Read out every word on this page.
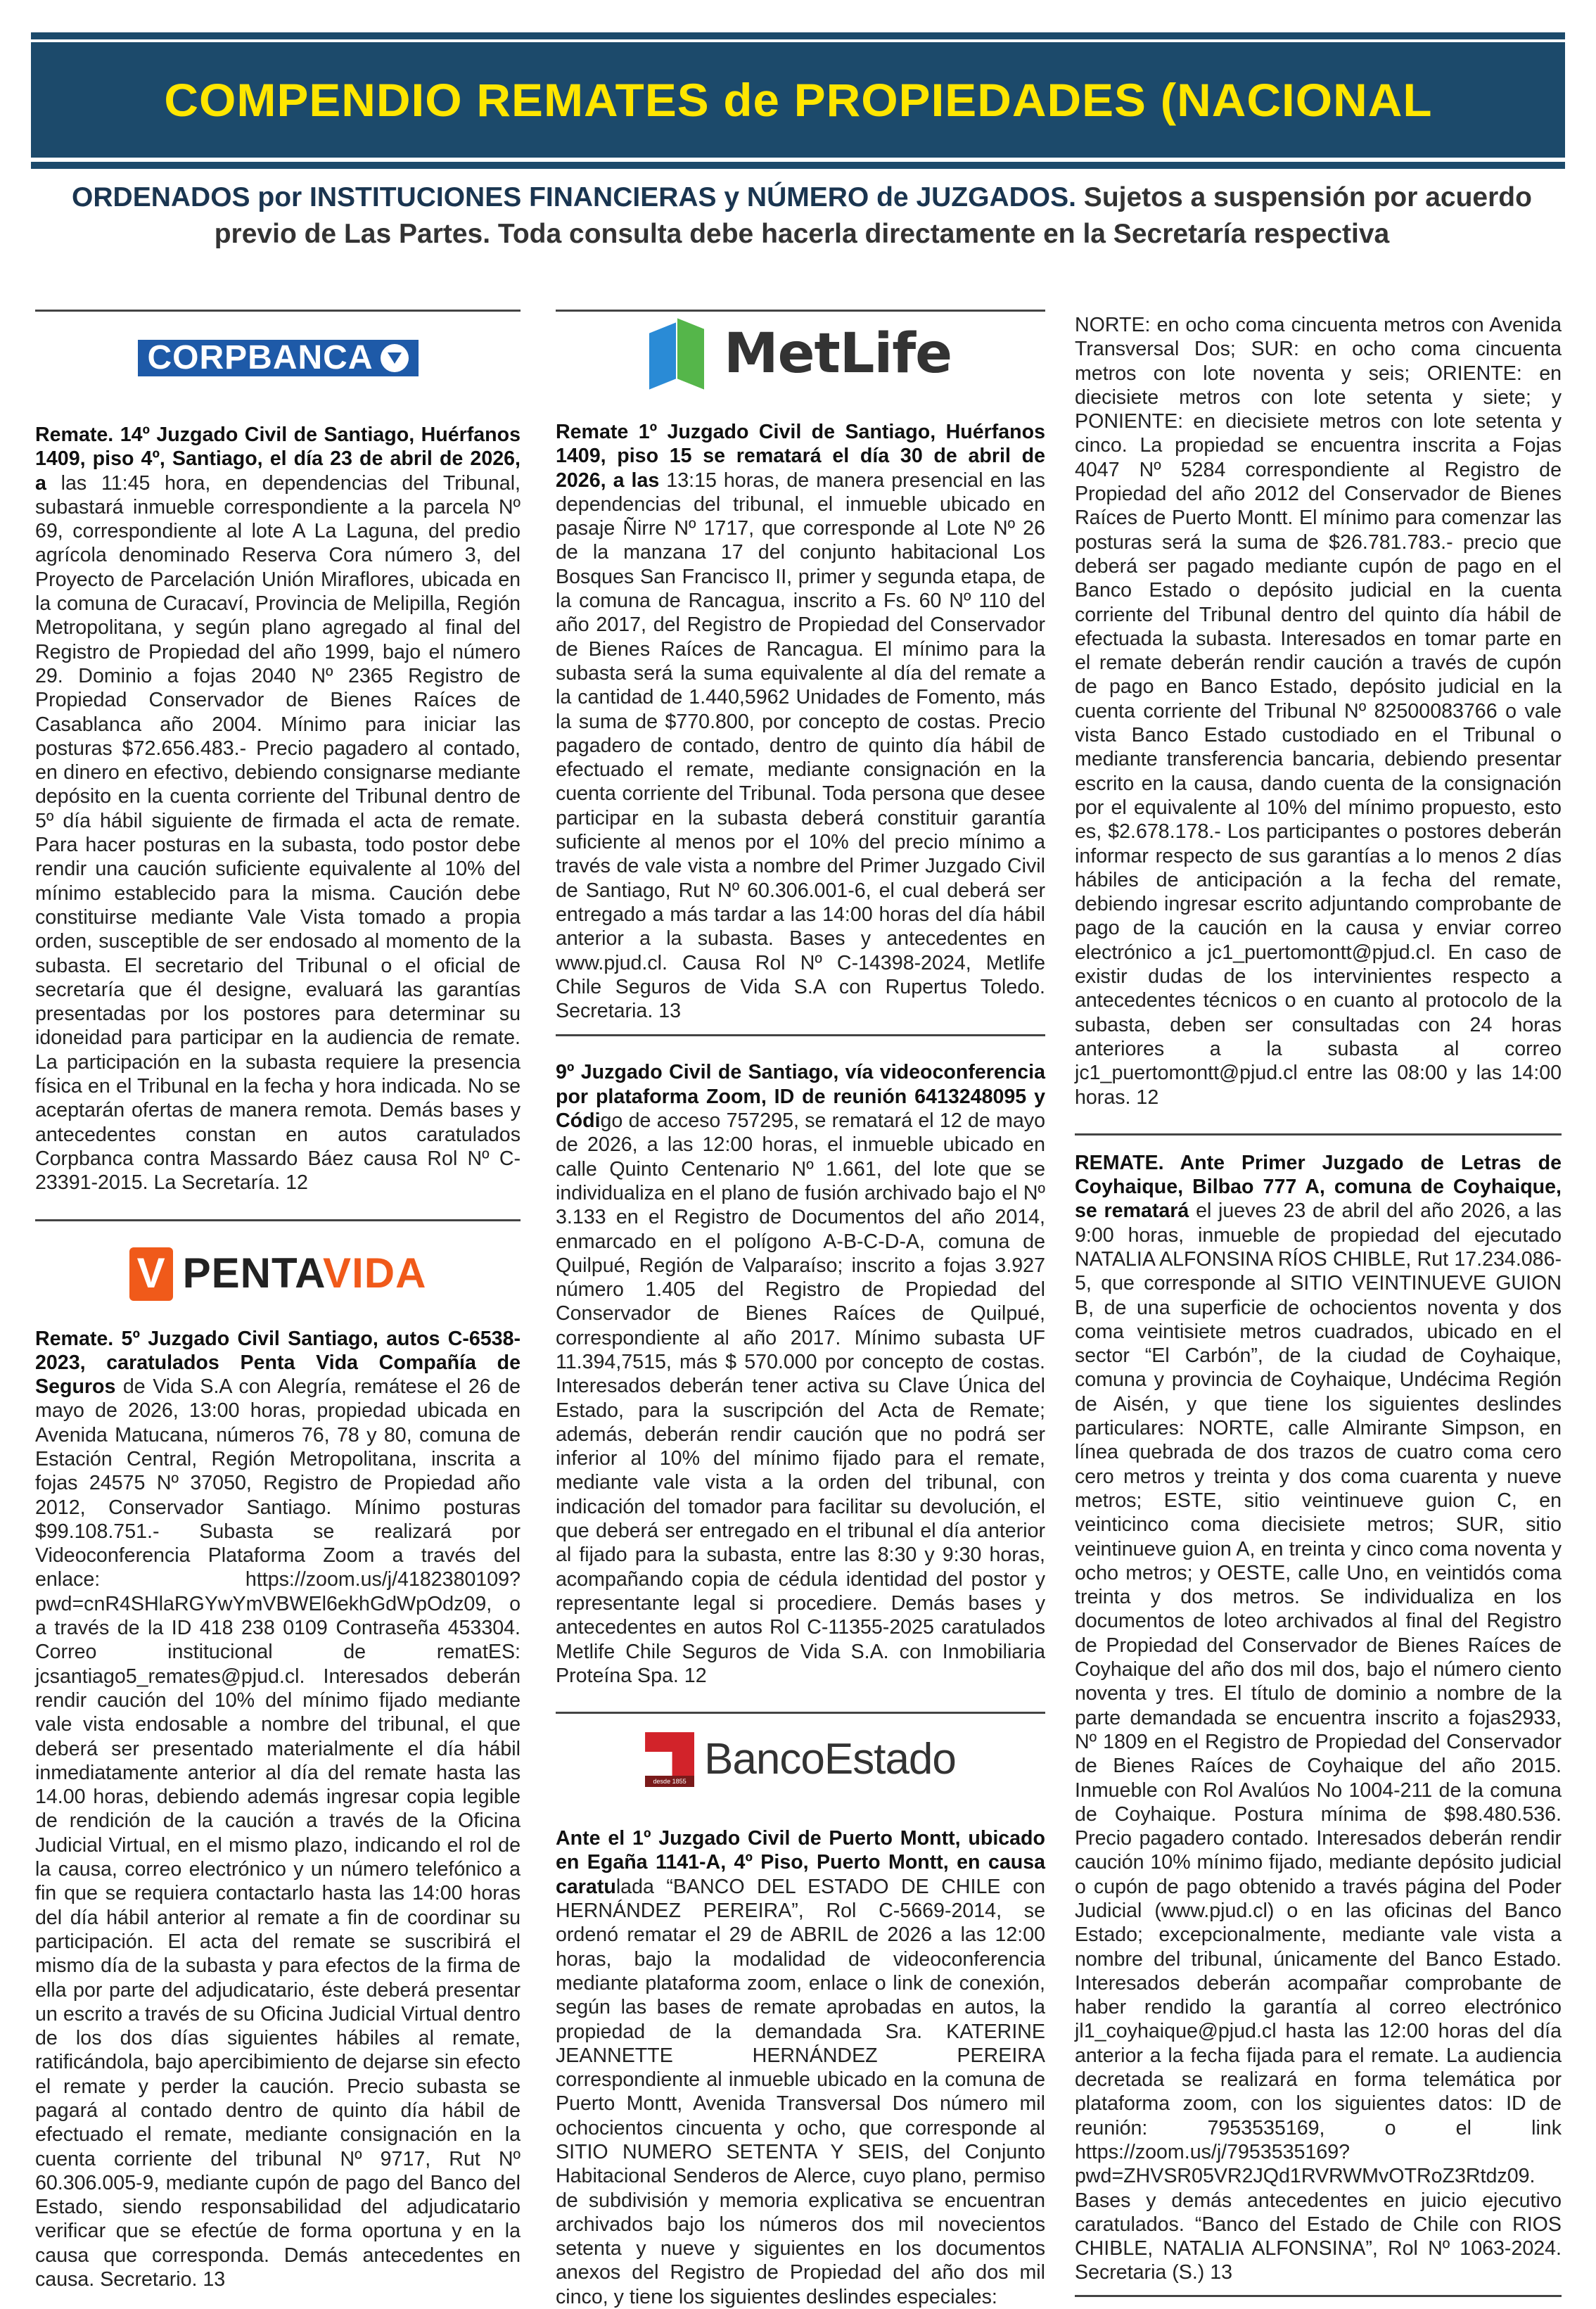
COMPENDIO REMATES de PROPIEDADES (NACIONAL
ORDENADOS por INSTITUCIONES FINANCIERAS y NÚMERO de JUZGADOS. Sujetos a suspensión por acuerdo previo de Las Partes. Toda consulta debe hacerla directamente en la Secretaría respectiva
CORPBANCA

Remate. 14º Juzgado Civil de Santiago, Huérfanos 1409, piso 4º, Santiago, el día 23 de abril de 2026, a las 11:45 hora, en dependencias del Tribunal, subastará inmueble correspondiente a la parcela Nº 69, correspondiente al lote A La Laguna, del predio agrícola denominado Reserva Cora número 3, del Proyecto de Parcelación Unión Miraflores, ubicada en la comuna de Curacaví, Provincia de Melipilla, Región Metropolitana, y según plano agregado al final del Registro de Propiedad del año 1999, bajo el número 29. Dominio a fojas 2040 Nº 2365 Registro de Propiedad Conservador de Bienes Raíces de Casablanca año 2004. Mínimo para iniciar las posturas $72.656.483.- Precio pagadero al contado, en dinero en efectivo, debiendo consignarse mediante depósito en la cuenta corriente del Tribunal dentro de 5º día hábil siguiente de firmada el acta de remate. Para hacer posturas en la subasta, todo postor debe rendir una caución suficiente equivalente al 10% del mínimo establecido para la misma. Caución debe constituirse mediante Vale Vista tomado a propia orden, susceptible de ser endosado al momento de la subasta. El secretario del Tribunal o el oficial de secretaría que él designe, evaluará las garantías presentadas por los postores para determinar su idoneidad para participar en la audiencia de remate. La participación en la subasta requiere la presencia física en el Tribunal en la fecha y hora indicada. No se aceptarán ofertas de manera remota. Demás bases y antecedentes constan en autos caratulados Corpbanca contra Massardo Báez causa Rol Nº C-23391-2015. La Secretaría. 12

V PENTAVIDA

Remate. 5º Juzgado Civil Santiago, autos C-6538-2023, caratulados Penta Vida Compañía de Seguros de Vida S.A con Alegría, remátese el 26 de mayo de 2026, 13:00 horas, propiedad ubicada en Avenida Matucana, números 76, 78 y 80, comuna de Estación Central, Región Metropolitana, inscrita a fojas 24575 Nº 37050, Registro de Propiedad año 2012, Conservador Santiago. Mínimo posturas $99.108.751.- Subasta se realizará por Videoconferencia Plataforma Zoom a través del enlace: https://zoom.us/j/4182380109?pwd=cnR4SHlaRGYwYmVBWEl6ekhGdWpOdz09, o a través de la ID 418 238 0109 Contraseña 453304. Correo institucional de rematES: jcsantiago5_remates@pjud.cl. Interesados deberán rendir caución del 10% del mínimo fijado mediante vale vista endosable a nombre del tribunal, el que deberá ser presentado materialmente el día hábil inmediatamente anterior al día del remate hasta las 14.00 horas, debiendo además ingresar copia legible de rendición de la caución a través de la Oficina Judicial Virtual, en el mismo plazo, indicando el rol de la causa, correo electrónico y un número telefónico a fin que se requiera contactarlo hasta las 14:00 horas del día hábil anterior al remate a fin de coordinar su participación. El acta del remate se suscribirá el mismo día de la subasta y para efectos de la firma de ella por parte del adjudicatario, éste deberá presentar un escrito a través de su Oficina Judicial Virtual dentro de los dos días siguientes hábiles al remate, ratificándola, bajo apercibimiento de dejarse sin efecto el remate y perder la caución. Precio subasta se pagará al contado dentro de quinto día hábil de efectuado el remate, mediante consignación en la cuenta corriente del tribunal Nº 9717, Rut Nº 60.306.005-9, mediante cupón de pago del Banco del Estado, siendo responsabilidad del adjudicatario verificar que se efectúe de forma oportuna y en la causa que corresponda. Demás antecedentes en causa. Secretario. 13

MetLife

Remate 1º Juzgado Civil de Santiago, Huérfanos 1409, piso 15 se rematará el día 30 de abril de 2026, a las 13:15 horas, de manera presencial en las dependencias del tribunal, el inmueble ubicado en pasaje Ñirre Nº 1717, que corresponde al Lote Nº 26 de la manzana 17 del conjunto habitacional Los Bosques San Francisco II, primer y segunda etapa, de la comuna de Rancagua, inscrito a Fs. 60 Nº 110 del año 2017, del Registro de Propiedad del Conservador de Bienes Raíces de Rancagua. El mínimo para la subasta será la suma equivalente al día del remate a la cantidad de 1.440,5962 Unidades de Fomento, más la suma de $770.800, por concepto de costas. Precio pagadero de contado, dentro de quinto día hábil de efectuado el remate, mediante consignación en la cuenta corriente del Tribunal. Toda persona que desee participar en la subasta deberá constituir garantía suficiente al menos por el 10% del precio mínimo a través de vale vista a nombre del Primer Juzgado Civil de Santiago, Rut Nº 60.306.001-6, el cual deberá ser entregado a más tardar a las 14:00 horas del día hábil anterior a la subasta. Bases y antecedentes en www.pjud.cl. Causa Rol Nº C-14398-2024, Metlife Chile Seguros de Vida S.A con Rupertus Toledo. Secretaria. 13

9º Juzgado Civil de Santiago, vía videoconferencia por plataforma Zoom, ID de reunión 6413248095 y Código de acceso 757295, se rematará el 12 de mayo de 2026, a las 12:00 horas, el inmueble ubicado en calle Quinto Centenario Nº 1.661, del lote que se individualiza en el plano de fusión archivado bajo el Nº 3.133 en el Registro de Documentos del año 2014, enmarcado en el polígono A-B-C-D-A, comuna de Quilpué, Región de Valparaíso; inscrito a fojas 3.927 número 1.405 del Registro de Propiedad del Conservador de Bienes Raíces de Quilpué, correspondiente al año 2017. Mínimo subasta UF 11.394,7515, más $ 570.000 por concepto de costas. Interesados deberán tener activa su Clave Única del Estado, para la suscripción del Acta de Remate; además, deberán rendir caución que no podrá ser inferior al 10% del mínimo fijado para el remate, mediante vale vista a la orden del tribunal, con indicación del tomador para facilitar su devolución, el que deberá ser entregado en el tribunal el día anterior al fijado para la subasta, entre las 8:30 y 9:30 horas, acompañando copia de cédula identidad del postor y representante legal si procediere. Demás bases y antecedentes en autos Rol C-11355-2025 caratulados Metlife Chile Seguros de Vida S.A. con Inmobiliaria Proteína Spa. 12

desde 1855 BancoEstado

Ante el 1º Juzgado Civil de Puerto Montt, ubicado en Egaña 1141-A, 4º Piso, Puerto Montt, en causa caratulada “BANCO DEL ESTADO DE CHILE con HERNÁNDEZ PEREIRA”, Rol C-5669-2014, se ordenó rematar el 29 de ABRIL de 2026 a las 12:00 horas, bajo la modalidad de videoconferencia mediante plataforma zoom, enlace o link de conexión, según las bases de remate aprobadas en autos, la propiedad de la demandada Sra. KATERINE JEANNETTE HERNÁNDEZ PEREIRA correspondiente al inmueble ubicado en la comuna de Puerto Montt, Avenida Transversal Dos número mil ochocientos cincuenta y ocho, que corresponde al SITIO NUMERO SETENTA Y SEIS, del Conjunto Habitacional Senderos de Alerce, cuyo plano, permiso de subdivisión y memoria explicativa se encuentran archivados bajo los números dos mil novecientos setenta y nueve y siguientes en los documentos anexos del Registro de Propiedad del año dos mil cinco, y tiene los siguientes deslindes especiales:

NORTE: en ocho coma cincuenta metros con Avenida Transversal Dos; SUR: en ocho coma cincuenta metros con lote noventa y seis; ORIENTE: en diecisiete metros con lote setenta y siete; y PONIENTE: en diecisiete metros con lote setenta y cinco. La propiedad se encuentra inscrita a Fojas 4047 Nº 5284 correspondiente al Registro de Propiedad del año 2012 del Conservador de Bienes Raíces de Puerto Montt. El mínimo para comenzar las posturas será la suma de $26.781.783.- precio que deberá ser pagado mediante cupón de pago en el Banco Estado o depósito judicial en la cuenta corriente del Tribunal dentro del quinto día hábil de efectuada la subasta. Interesados en tomar parte en el remate deberán rendir caución a través de cupón de pago en Banco Estado, depósito judicial en la cuenta corriente del Tribunal Nº 82500083766 o vale vista Banco Estado custodiado en el Tribunal o mediante transferencia bancaria, debiendo presentar escrito en la causa, dando cuenta de la consignación por el equivalente al 10% del mínimo propuesto, esto es, $2.678.178.- Los participantes o postores deberán informar respecto de sus garantías a lo menos 2 días hábiles de anticipación a la fecha del remate, debiendo ingresar escrito adjuntando comprobante de pago de la caución en la causa y enviar correo electrónico a jc1_puertomontt@pjud.cl. En caso de existir dudas de los intervinientes respecto a antecedentes técnicos o en cuanto al protocolo de la subasta, deben ser consultadas con 24 horas anteriores a la subasta al correo jc1_puertomontt@pjud.cl entre las 08:00 y las 14:00 horas. 12

REMATE. Ante Primer Juzgado de Letras de Coyhaique, Bilbao 777 A, comuna de Coyhaique, se rematará el jueves 23 de abril del año 2026, a las 9:00 horas, inmueble de propiedad del ejecutado NATALIA ALFONSINA RÍOS CHIBLE, Rut 17.234.086-5, que corresponde al SITIO VEINTINUEVE GUION B, de una superficie de ochocientos noventa y dos coma veintisiete metros cuadrados, ubicado en el sector “El Carbón”, de la ciudad de Coyhaique, comuna y provincia de Coyhaique, Undécima Región de Aisén, y que tiene los siguientes deslindes particulares: NORTE, calle Almirante Simpson, en línea quebrada de dos trazos de cuatro coma cero cero metros y treinta y dos coma cuarenta y nueve metros; ESTE, sitio veintinueve guion C, en veinticinco coma diecisiete metros; SUR, sitio veintinueve guion A, en treinta y cinco coma noventa y ocho metros; y OESTE, calle Uno, en veintidós coma treinta y dos metros. Se individualiza en los documentos de loteo archivados al final del Registro de Propiedad del Conservador de Bienes Raíces de Coyhaique del año dos mil dos, bajo el número ciento noventa y tres. El título de dominio a nombre de la parte demandada se encuentra inscrito a fojas2933, Nº 1809 en el Registro de Propiedad del Conservador de Bienes Raíces de Coyhaique del año 2015. Inmueble con Rol Avalúos No 1004-211 de la comuna de Coyhaique. Postura mínima de $98.480.536. Precio pagadero contado. Interesados deberán rendir caución 10% mínimo fijado, mediante depósito judicial o cupón de pago obtenido a través página del Poder Judicial (www.pjud.cl) o en las oficinas del Banco Estado; excepcionalmente, mediante vale vista a nombre del tribunal, únicamente del Banco Estado. Interesados deberán acompañar comprobante de haber rendido la garantía al correo electrónico jl1_coyhaique@pjud.cl hasta las 12:00 horas del día anterior a la fecha fijada para el remate. La audiencia decretada se realizará en forma telemática por plataforma zoom, con los siguientes datos: ID de reunión: 7953535169, o el link https://zoom.us/j/7953535169?pwd=ZHVSR05VR2JQd1RVRWMvOTRoZ3Rtdz09. Bases y demás antecedentes en juicio ejecutivo caratulados. “Banco del Estado de Chile con RIOS CHIBLE, NATALIA ALFONSINA”, Rol Nº 1063-2024. Secretaria (S.) 13
